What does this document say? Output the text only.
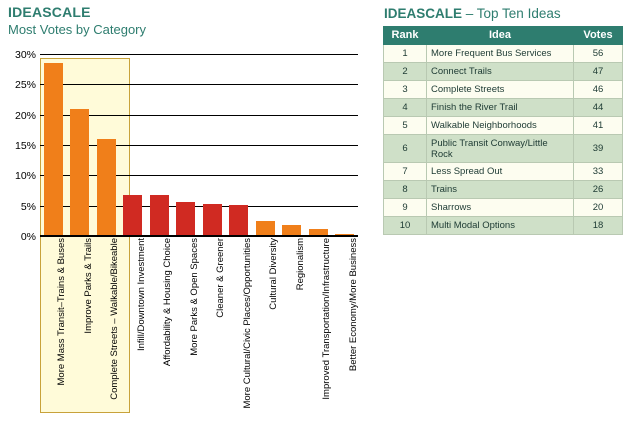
IDEASCALE
Most Votes by Category
0%
5%
10%
15%
20%
25%
30%
More Mass Transit–Trains & Buses Improve Parks & Trails Complete Streets – Walkable/Bikeable Infill/Downtown Investment Affordability & Housing Choice More Parks & Open Spaces Cleaner & Greener More Cultural/Civic Places/Opportunities Cultural Diversity Regionalism Improved Transportation/Infrastructure Better Economy/More Business
IDEASCALE – Top Ten Ideas
Rank	Idea	Votes
1	More Frequent Bus Services	56
2	Connect Trails	47
3	Complete Streets	46
4	Finish the River Trail	44
5	Walkable Neighborhoods	41
6	Public Transit Conway/Little Rock	39
7	Less Spread Out	33
8	Trains	26
9	Sharrows	20
10	Multi Modal Options	18
